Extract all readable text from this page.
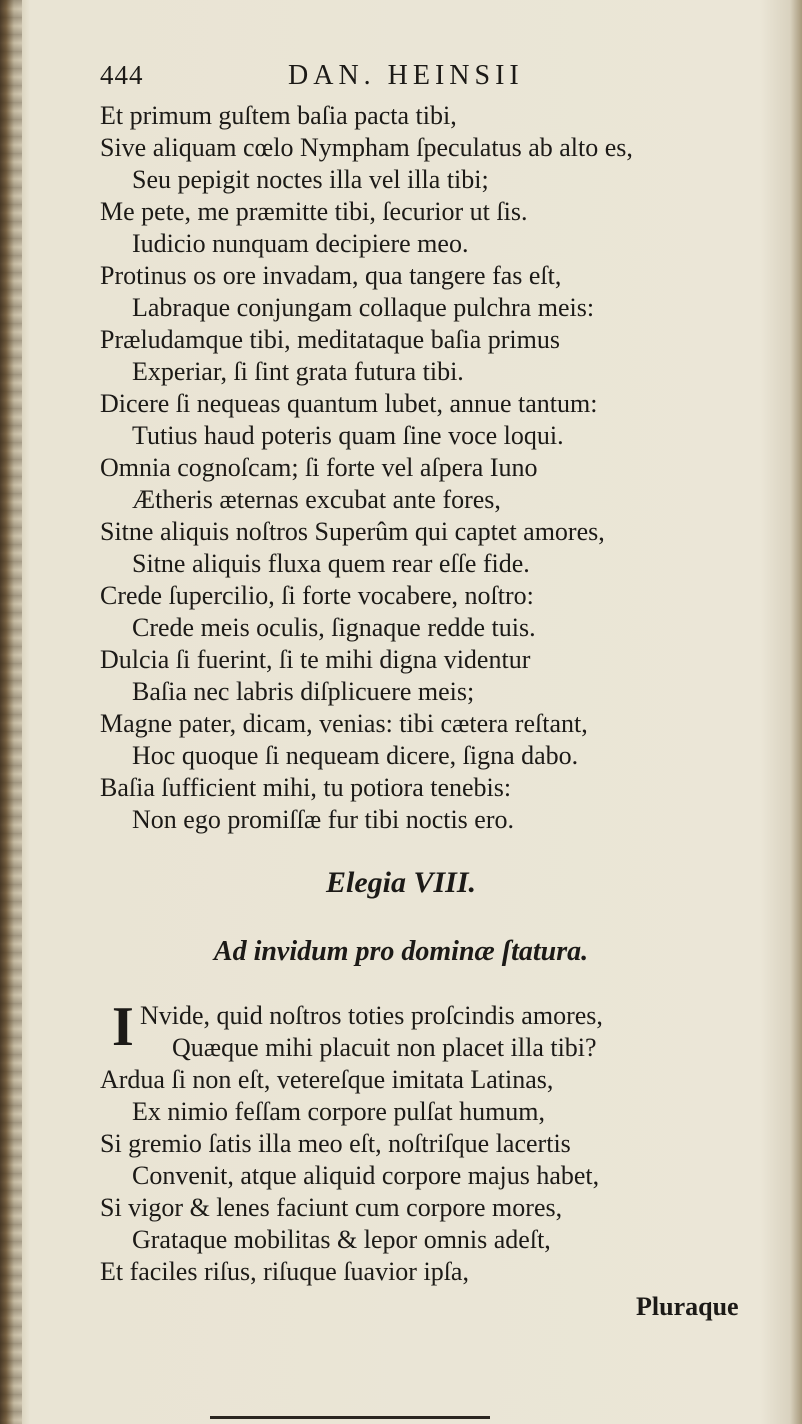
444	DAN. HEINSII
Et primum guſtem baſia pacta tibi,
Sive aliquam cœlo Nympham ſpeculatus ab alto es,
Seu pepigit noctes illa vel illa tibi;
Me pete, me præmitte tibi, ſecurior ut ſis.
Iudicio nunquam decipiere meo.
Protinus os ore invadam, qua tangere fas eſt,
Labraque conjungam collaque pulchra meis:
Præludamque tibi, meditataque baſia primus
Experiar, ſi ſint grata futura tibi.
Dicere ſi nequeas quantum lubet, annue tantum:
Tutius haud poteris quam ſine voce loqui.
Omnia cognoſcam; ſi forte vel aſpera Iuno
Ætheris æternas excubat ante fores,
Sitne aliquis noſtros Superûm qui captet amores,
Sitne aliquis fluxa quem rear eſſe fide.
Crede ſupercilio, ſi forte vocabere, noſtro:
Crede meis oculis, ſignaque redde tuis.
Dulcia ſi fuerint, ſi te mihi digna videntur
Baſia nec labris diſplicuere meis;
Magne pater, dicam, venias: tibi cætera reſtant,
Hoc quoque ſi nequeam dicere, ſigna dabo.
Baſia ſufficient mihi, tu potiora tenebis:
Non ego promiſſæ fur tibi noctis ero.
Elegia VIII.
Ad invidum pro dominæ ſtatura.
I Nvide, quid noſtros toties proſcindis amores,
Quæque mihi placuit non placet illa tibi?
Ardua ſi non eſt, vetereſque imitata Latinas,
Ex nimio feſſam corpore pulſat humum,
Si gremio ſatis illa meo eſt, noſtriſque lacertis
Convenit, atque aliquid corpore majus habet,
Si vigor & lenes faciunt cum corpore mores,
Grataque mobilitas & lepor omnis adeſt,
Et faciles riſus, riſuque ſuavior ipſa,
Pluraque
